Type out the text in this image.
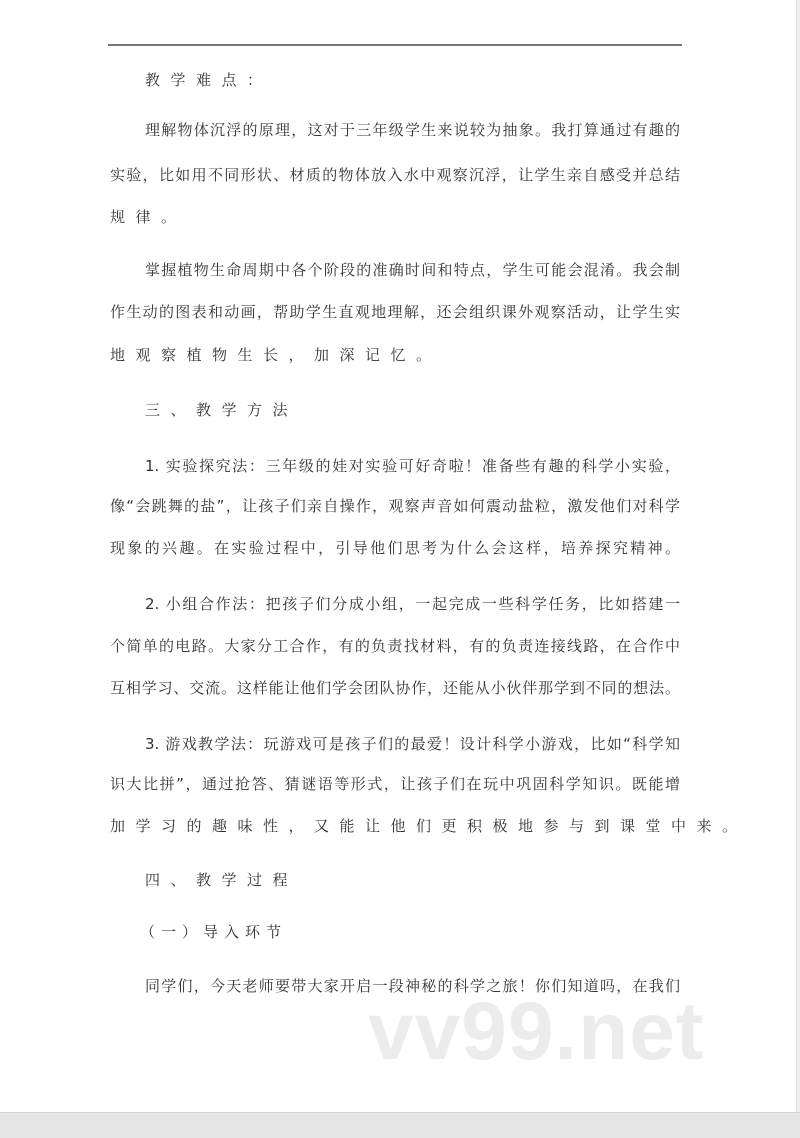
教学难点：
理解物体沉浮的原理，这对于三年级学生来说较为抽象。我打算通过有趣的
实验，比如用不同形状、材质的物体放入水中观察沉浮，让学生亲自感受并总结
规律。
掌握植物生命周期中各个阶段的准确时间和特点，学生可能会混淆。我会制
作生动的图表和动画，帮助学生直观地理解，还会组织课外观察活动，让学生实
地观察植物生长，加深记忆。
三、教学方法
1. 实验探究法：三年级的娃对实验可好奇啦！准备些有趣的科学小实验，
像“会跳舞的盐”，让孩子们亲自操作，观察声音如何震动盐粒，激发他们对科学
现象的兴趣。在实验过程中，引导他们思考为什么会这样，培养探究精神。
2. 小组合作法：把孩子们分成小组，一起完成一些科学任务，比如搭建一
个简单的电路。大家分工合作，有的负责找材料，有的负责连接线路，在合作中
互相学习、交流。这样能让他们学会团队协作，还能从小伙伴那学到不同的想法。
3. 游戏教学法：玩游戏可是孩子们的最爱！设计科学小游戏，比如“科学知
识大比拼”，通过抢答、猜谜语等形式，让孩子们在玩中巩固科学知识。既能增
加学习的趣味性，又能让他们更积极地参与到课堂中来。
四、教学过程
（一）导入环节
同学们，今天老师要带大家开启一段神秘的科学之旅！你们知道吗，在我们
vv99.net
